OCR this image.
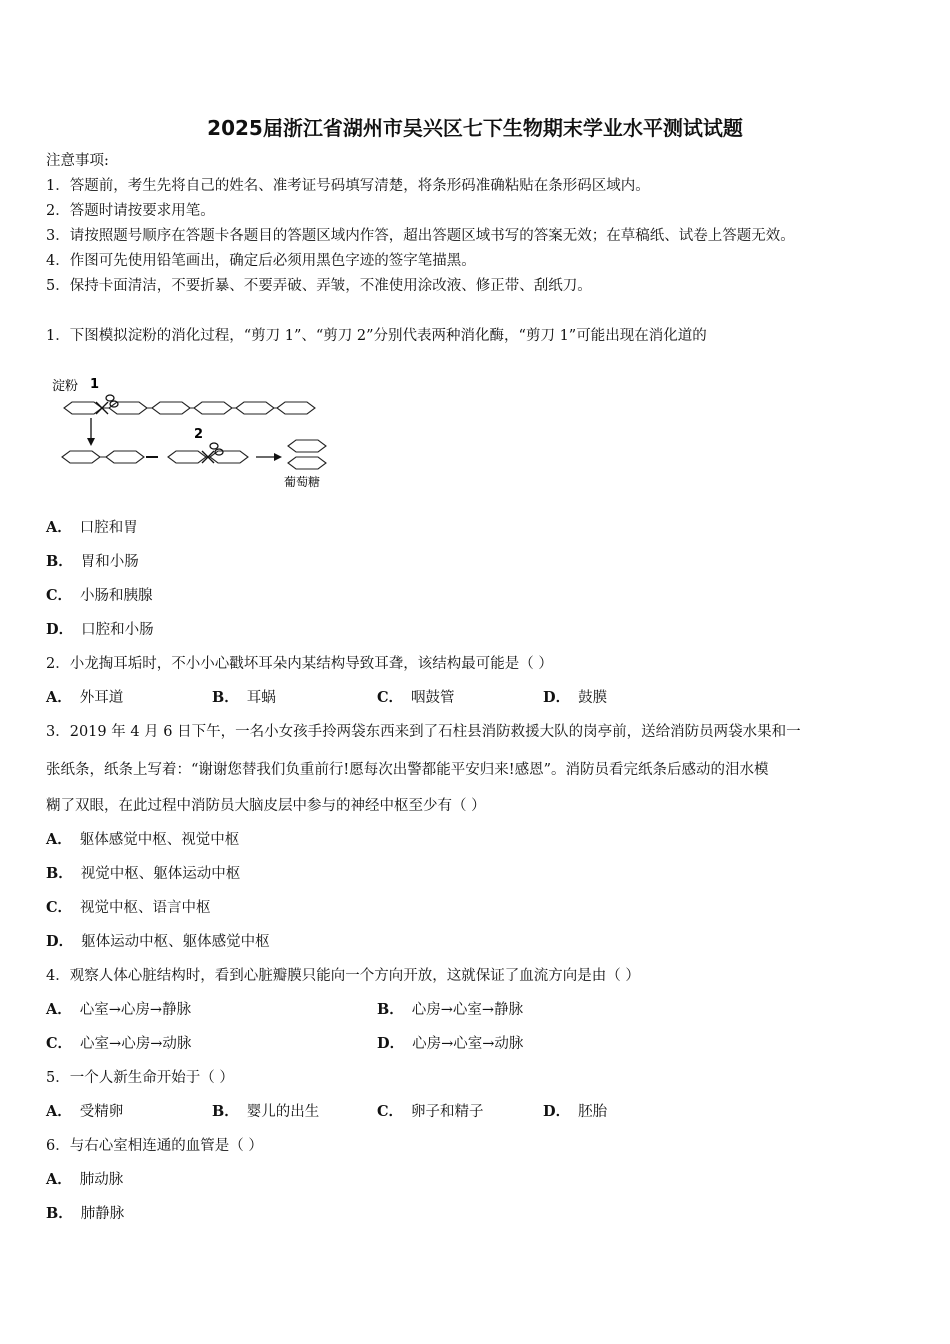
2025届浙江省湖州市吴兴区七下生物期末学业水平测试试题
注意事项:
1．答题前，考生先将自己的姓名、准考证号码填写清楚，将条形码准确粘贴在条形码区域内。
2．答题时请按要求用笔。
3．请按照题号顺序在答题卡各题目的答题区域内作答，超出答题区域书写的答案无效；在草稿纸、试卷上答题无效。
4．作图可先使用铅笔画出，确定后必须用黑色字迹的签字笔描黑。
5．保持卡面清洁，不要折暴、不要弄破、弄皱，不准使用涂改液、修正带、刮纸刀。
1．下图模拟淀粉的消化过程，“剪刀 1”、“剪刀 2”分别代表两种消化酶，“剪刀 1”可能出现在消化道的
淀粉 1
2
葡萄糖
A． 口腔和胃
B． 胃和小肠
C． 小肠和胰腺
D． 口腔和小肠
2．小龙掏耳垢时，不小小心戳坏耳朵内某结构导致耳聋，该结构最可能是（ ）
A． 外耳道	B． 耳蜗	C． 咽鼓管	D． 鼓膜
3．2019 年 4 月 6 日下午，一名小女孩手拎两袋东西来到了石柱县消防救援大队的岗亭前，送给消防员两袋水果和一
张纸条，纸条上写着：“谢谢您替我们负重前行!愿每次出警都能平安归来!感恩”。消防员看完纸条后感动的泪水模
糊了双眼，在此过程中消防员大脑皮层中参与的神经中枢至少有（ ）
A． 躯体感觉中枢、视觉中枢
B． 视觉中枢、躯体运动中枢
C． 视觉中枢、语言中枢
D． 躯体运动中枢、躯体感觉中枢
4．观察人体心脏结构时，看到心脏瓣膜只能向一个方向开放，这就保证了血流方向是由（ ）
A． 心室→心房→静脉	B． 心房→心室→静脉
C． 心室→心房→动脉	D． 心房→心室→动脉
5．一个人新生命开始于（ ）
A． 受精卵	B． 婴儿的出生	C． 卵子和精子	D． 胚胎
6．与右心室相连通的血管是（ ）
A． 肺动脉
B． 肺静脉
